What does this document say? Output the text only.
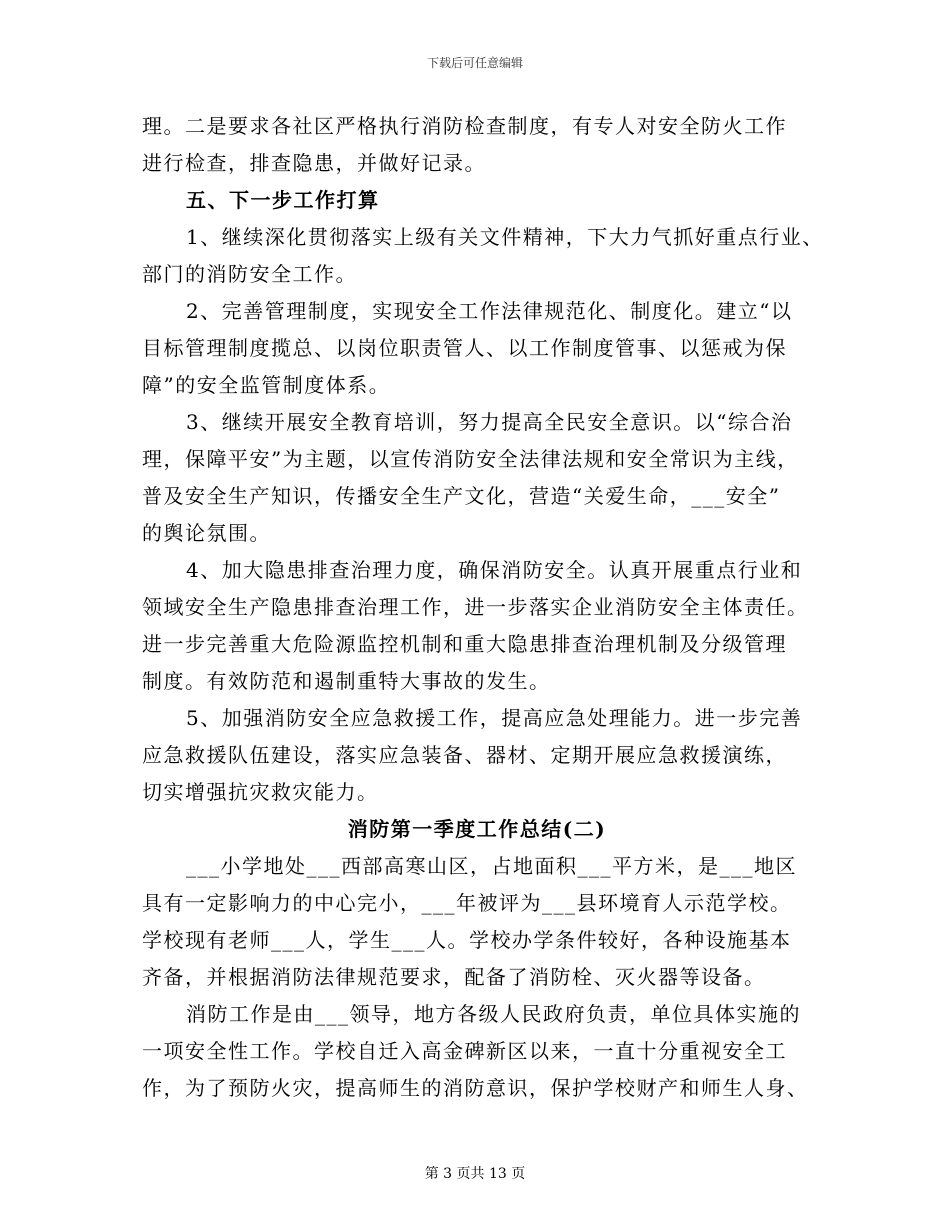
下载后可任意编辑
理。二是要求各社区严格执行消防检查制度，有专人对安全防火工作
进行检查，排查隐患，并做好记录。
五、下一步工作打算
1、继续深化贯彻落实上级有关文件精神，下大力气抓好重点行业、
部门的消防安全工作。
2、完善管理制度，实现安全工作法律规范化、制度化。建立“以
目标管理制度揽总、以岗位职责管人、以工作制度管事、以惩戒为保
障”的安全监管制度体系。
3、继续开展安全教育培训，努力提高全民安全意识。以“综合治
理，保障平安”为主题，以宣传消防安全法律法规和安全常识为主线，
普及安全生产知识，传播安全生产文化，营造“关爱生命，___安全”
的舆论氛围。
4、加大隐患排查治理力度，确保消防安全。认真开展重点行业和
领域安全生产隐患排查治理工作，进一步落实企业消防安全主体责任。
进一步完善重大危险源监控机制和重大隐患排查治理机制及分级管理
制度。有效防范和遏制重特大事故的发生。
5、加强消防安全应急救援工作，提高应急处理能力。进一步完善
应急救援队伍建设，落实应急装备、器材、定期开展应急救援演练，
切实增强抗灾救灾能力。
消防第一季度工作总结(二)
___小学地处___西部高寒山区，占地面积___平方米，是___地区
具有一定影响力的中心完小，___年被评为___县环境育人示范学校。
学校现有老师___人，学生___人。学校办学条件较好，各种设施基本
齐备，并根据消防法律规范要求，配备了消防栓、灭火器等设备。
消防工作是由___领导，地方各级人民政府负责，单位具体实施的
一项安全性工作。学校自迁入高金碑新区以来，一直十分重视安全工
作，为了预防火灾，提高师生的消防意识，保护学校财产和师生人身、
第 3 页共 13 页
